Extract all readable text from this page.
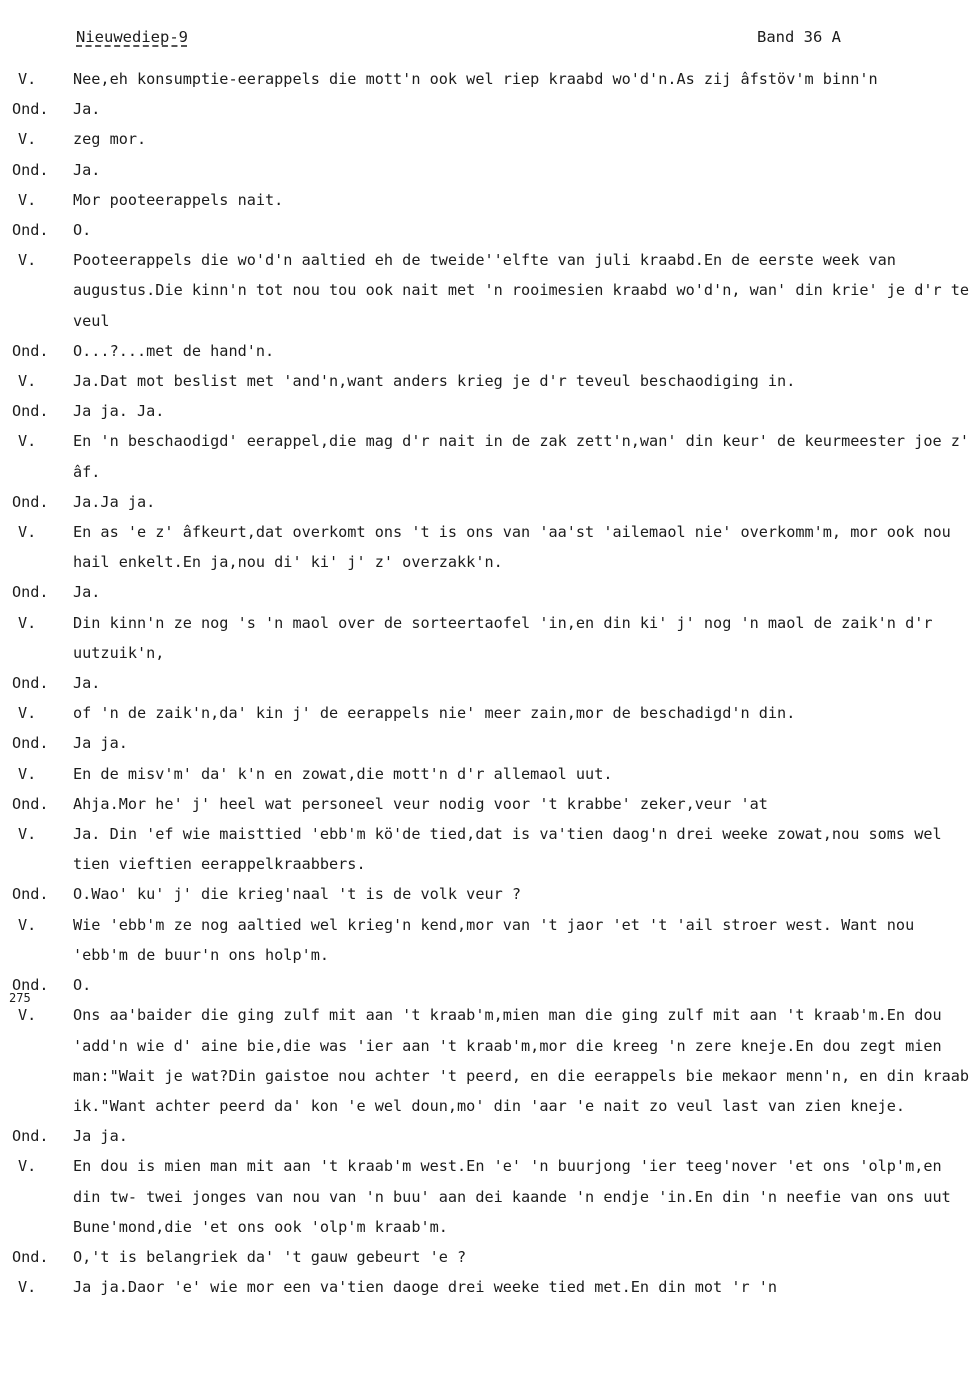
Nieuwediep-9	Band 36 A
275
V.	Nee,eh konsumptie-eerappels die mott'n ook wel riep kraabd wo'd'n.As zij âfstöv'm binn'n
Ond.	Ja.
V.	zeg mor.
Ond.	Ja.
V.	Mor pooteerappels nait.
Ond.	O.
V.	Pooteerappels die wo'd'n aaltied eh de tweide''elfte van juli kraabd.En de eerste week van augustus.Die kinn'n tot nou tou ook nait met 'n rooimesien kraabd wo'd'n, wan' din krie' je d'r te veul
Ond.	O...?...met de hand'n.
V.	Ja.Dat mot beslist met 'and'n,want anders krieg je d'r teveul beschaodiging in.
Ond.	Ja ja. Ja.
V.	En 'n beschaodigd' eerappel,die mag d'r nait in de zak zett'n,wan' din keur' de keurmeester joe z' âf.
Ond.	Ja.Ja ja.
V.	En as 'e z' âfkeurt,dat overkomt ons 't is ons van 'aa'st 'ailemaol nie' overkomm'm, mor ook nou hail enkelt.En ja,nou di' ki' j' z' overzakk'n.
Ond.	Ja.
V.	Din kinn'n ze nog 's 'n maol over de sorteertaofel 'in,en din ki' j' nog 'n maol de zaik'n d'r uutzuik'n,
Ond.	Ja.
V.	of 'n de zaik'n,da' kin j' de eerappels nie' meer zain,mor de beschadigd'n din.
Ond.	Ja ja.
V.	En de misv'm' da' k'n en zowat,die mott'n d'r allemaol uut.
Ond.	Ahja.Mor he' j' heel wat personeel veur nodig voor 't krabbe' zeker,veur 'at
V.	Ja. Din 'ef wie maisttied 'ebb'm kö'de tied,dat is va'tien daog'n drei weeke zowat,nou soms wel tien vieftien eerappelkraabbers.
Ond.	O.Wao' ku' j' die krieg'naal 't is de volk veur ?
V.	Wie 'ebb'm ze nog aaltied wel krieg'n kend,mor van 't jaor 'et 't 'ail stroer west. Want nou 'ebb'm de buur'n ons holp'm.
Ond.	O.
V.	Ons aa'baider die ging zulf mit aan 't kraab'm,mien man die ging zulf mit aan 't kraab'm.En dou 'add'n wie d' aine bie,die was 'ier aan 't kraab'm,mor die kreeg 'n zere kneje.En dou zegt mien man:"Wait je wat?Din gaistoe nou achter 't peerd, en die eerappels bie mekaor menn'n, en din kraab ik."Want achter peerd da' kon 'e wel doun,mo' din 'aar 'e nait zo veul last van zien kneje.
Ond.	Ja ja.
V.	En dou is mien man mit aan 't kraab'm west.En 'e' 'n buurjong 'ier teeg'nover 'et ons 'olp'm,en din tw- twei jonges van nou van 'n buu' aan dei kaande 'n endje 'in.En din 'n neefie van ons uut Bune'mond,die 'et ons ook 'olp'm kraab'm.
Ond.	O,'t is belangriek da' 't gauw gebeurt 'e ?
V.	Ja ja.Daor 'e' wie mor een va'tien daoge drei weeke tied met.En din mot 'r 'n
